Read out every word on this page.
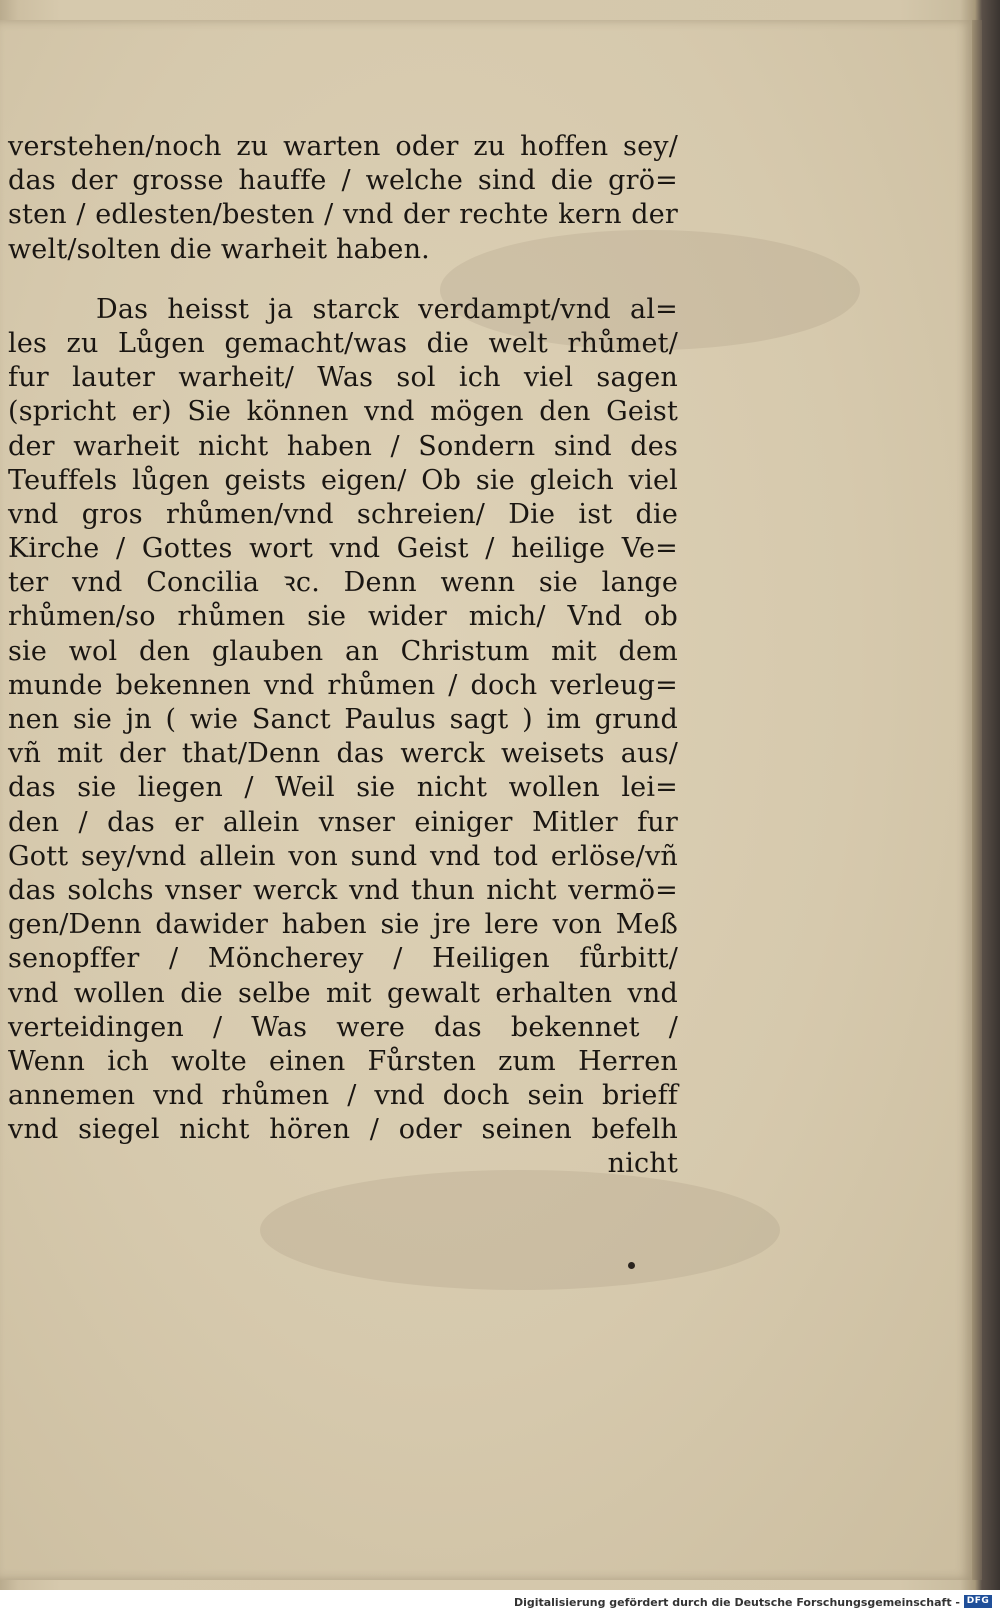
verstehen/noch zu warten oder zu hoffen sey/
das der grosse hauffe / welche sind die grö=
sten / edlesten/besten / vnd der rechte kern der
welt/solten die warheit haben.
Das heisst ja starck verdampt/vnd al=
les zu Lůgen gemacht/was die welt rhůmet/
fur lauter warheit/ Was sol ich viel sagen
(spricht er) Sie können vnd mögen den Geist
der warheit nicht haben / Sondern sind des
Teuffels lůgen geists eigen/ Ob sie gleich viel
vnd gros rhůmen/vnd schreien/ Die ist die
Kirche / Gottes wort vnd Geist / heilige Ve=
ter vnd Concilia ꝛc. Denn wenn sie lange
rhůmen/so rhůmen sie wider mich/ Vnd ob
sie wol den glauben an Christum mit dem
munde bekennen vnd rhůmen / doch verleug=
nen sie jn ( wie Sanct Paulus sagt ) im grund
vñ mit der that/Denn das werck weisets aus/
das sie liegen / Weil sie nicht wollen lei=
den / das er allein vnser einiger Mitler fur
Gott sey/vnd allein von sund vnd tod erlöse/vñ
das solchs vnser werck vnd thun nicht vermö=
gen/Denn dawider haben sie jre lere von Meß
senopffer / Möncherey / Heiligen fůrbitt/
vnd wollen die selbe mit gewalt erhalten vnd
verteidingen / Was were das bekennet /
Wenn ich wolte einen Fůrsten zum Herren
annemen vnd rhůmen / vnd doch sein brieff
vnd siegel nicht hören / oder seinen befelh
nicht
Digitalisierung gefördert durch die Deutsche Forschungsgemeinschaft - DFG
